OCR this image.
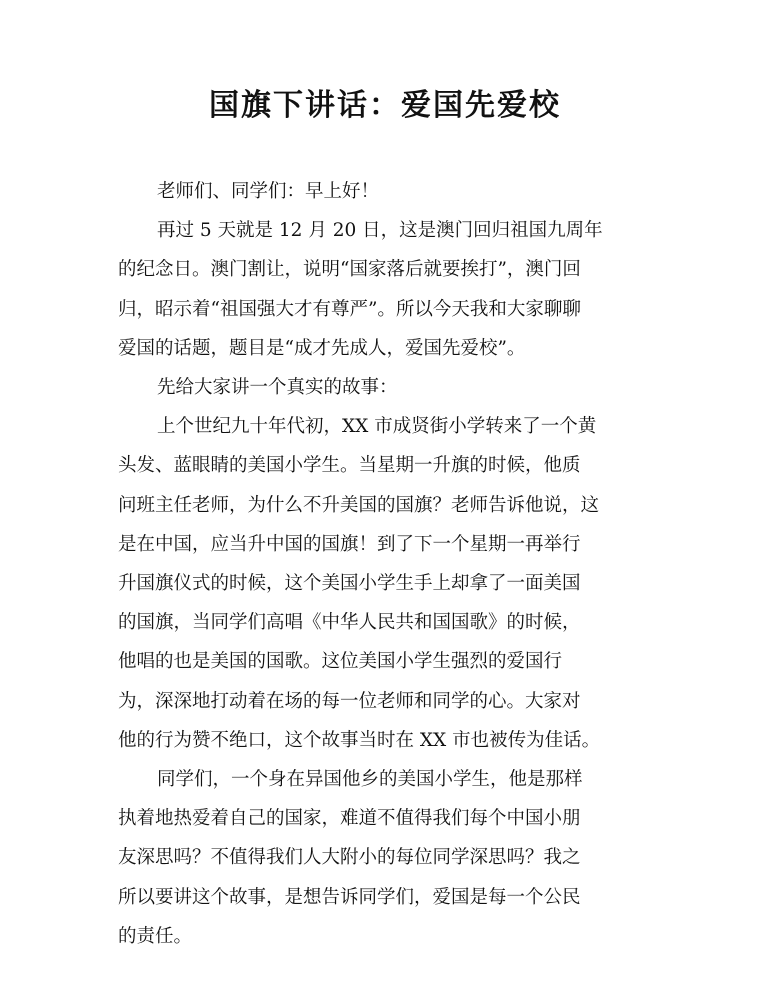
国旗下讲话：爱国先爱校

老师们、同学们：早上好！

再过 5 天就是 12 月 20 日，这是澳门回归祖国九周年
的纪念日。澳门割让，说明“国家落后就要挨打”，澳门回
归，昭示着“祖国强大才有尊严”。所以今天我和大家聊聊
爱国的话题，题目是“成才先成人，爱国先爱校”。

先给大家讲一个真实的故事：

上个世纪九十年代初，XX 市成贤街小学转来了一个黄
头发、蓝眼睛的美国小学生。当星期一升旗的时候，他质
问班主任老师，为什么不升美国的国旗？老师告诉他说，这
是在中国，应当升中国的国旗！到了下一个星期一再举行
升国旗仪式的时候，这个美国小学生手上却拿了一面美国
的国旗，当同学们高唱《中华人民共和国国歌》的时候，
他唱的也是美国的国歌。这位美国小学生强烈的爱国行
为，深深地打动着在场的每一位老师和同学的心。大家对
他的行为赞不绝口，这个故事当时在 XX 市也被传为佳话。

同学们，一个身在异国他乡的美国小学生，他是那样
执着地热爱着自己的国家，难道不值得我们每个中国小朋
友深思吗？不值得我们人大附小的每位同学深思吗？我之
所以要讲这个故事，是想告诉同学们，爱国是每一个公民
的责任。
